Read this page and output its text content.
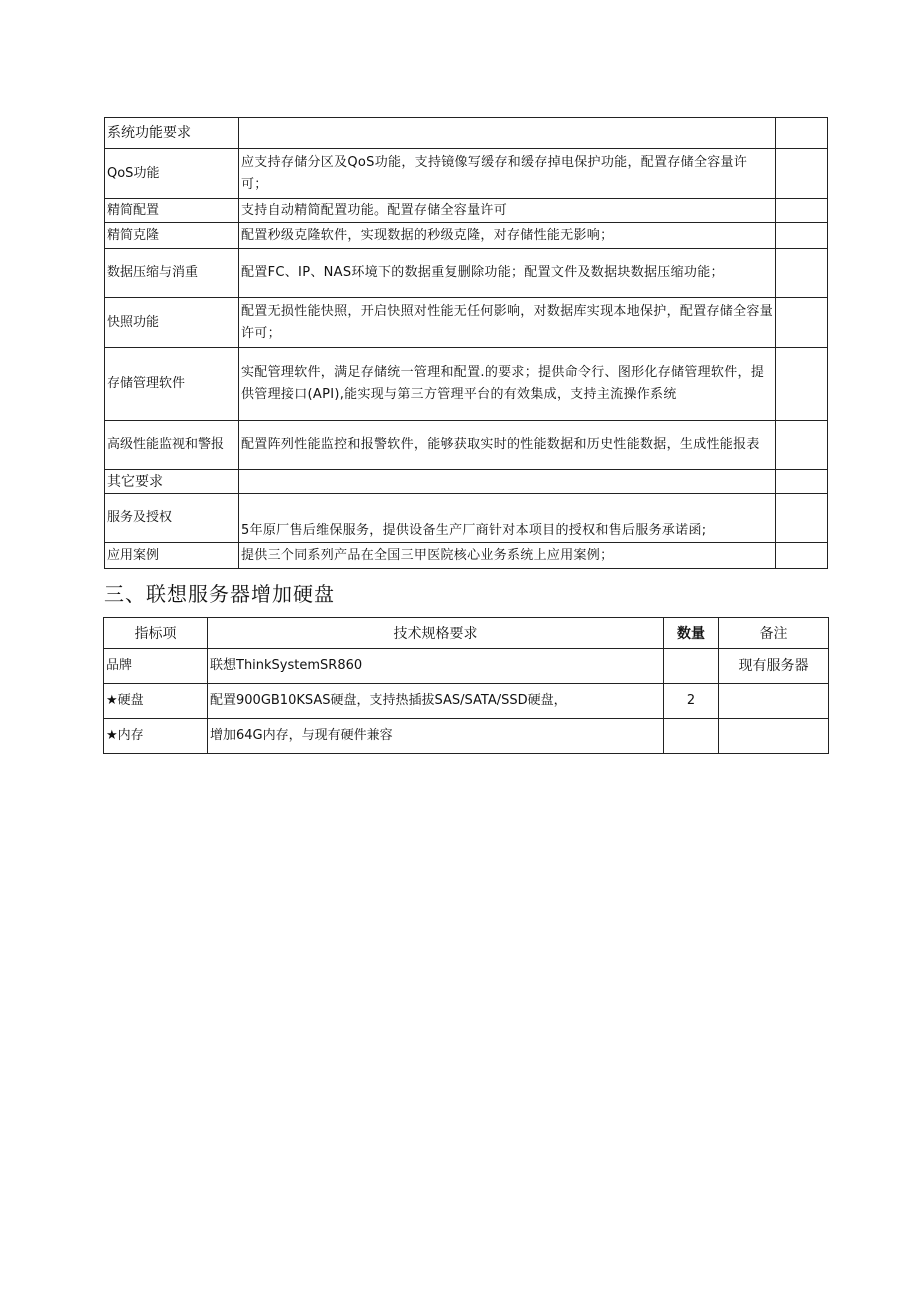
系统功能要求		
QoS功能	应支持存储分区及QoS功能，支持镜像写缓存和缓存掉电保护功能，配置存储全容量许可；	
精简配置	支持自动精简配置功能。配置存储全容量许可	
精简克隆	配置秒级克隆软件，实现数据的秒级克隆，对存储性能无影响；	
数据压缩与消重	配置FC、IP、NAS环境下的数据重复删除功能；配置文件及数据块数据压缩功能；	
快照功能	配置无损性能快照，开启快照对性能无任何影响，对数据库实现本地保护，配置存储全容量许可；	
存储管理软件	实配管理软件，满足存储统一管理和配置.的要求；提供命令行、图形化存储管理软件，提供管理接口(API),能实现与第三方管理平台的有效集成，支持主流操作系统	
高级性能监视和警报	配置阵列性能监控和报警软件，能够获取实时的性能数据和历史性能数据，生成性能报表	
其它要求		
服务及授权	5年原厂售后维保服务，提供设备生产厂商针对本项目的授权和售后服务承诺函;	
应用案例	提供三个同系列产品在全国三甲医院核心业务系统上应用案例；	
三、联想服务器增加硬盘
指标项	技术规格要求	数量	备注
品牌	联想ThinkSystemSR860		现有服务器
★硬盘	配置900GB10KSAS硬盘，支持热插拔SAS/SATA/SSD硬盘，	2	
★内存	增加64G内存，与现有硬件兼容		
